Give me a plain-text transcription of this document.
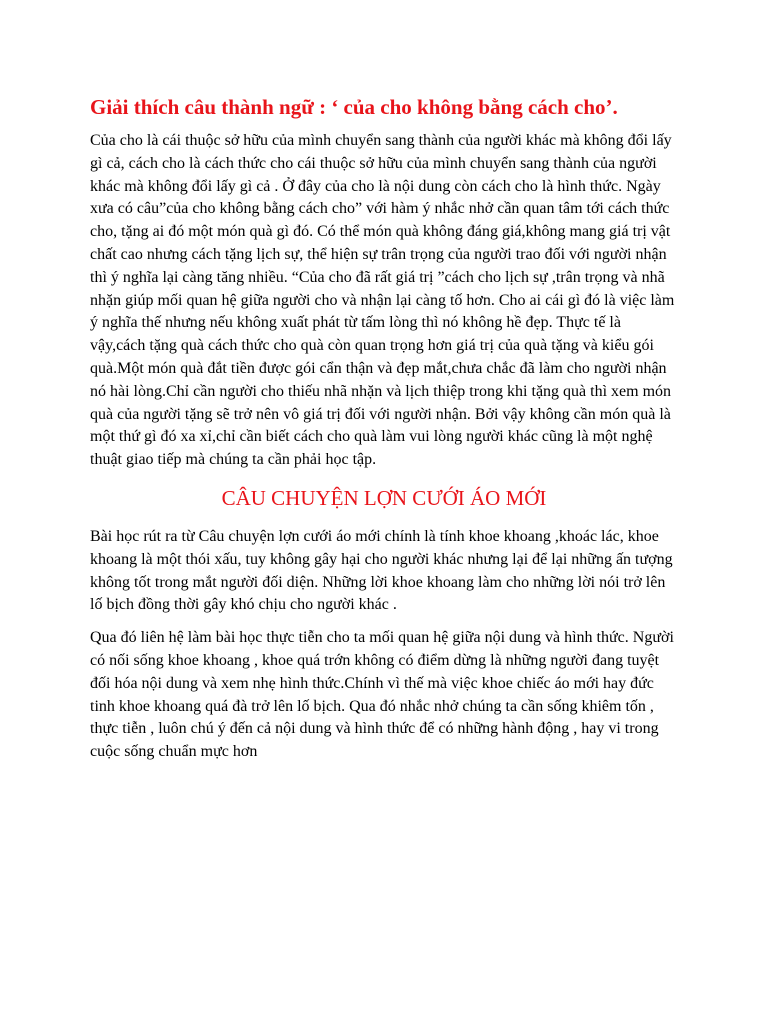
Giải thích câu thành ngữ : ‘ của cho không bằng cách cho’.

Của cho là cái thuộc sở hữu của mình chuyển sang thành của người khác mà không đổi lấy gì cả, cách cho là cách thức cho cái thuộc sở hữu của mình chuyển sang thành của người khác mà không đổi lấy gì cả . Ở đây của cho là nội dung còn cách cho là hình thức. Ngày xưa có câu”của cho không bằng cách cho” với hàm ý nhắc nhở cần quan tâm tới cách thức cho, tặng ai đó một món quà gì đó. Có thể món quà không đáng giá,không mang giá trị vật chất cao nhưng cách tặng lịch sự, thể hiện sự trân trọng của người trao đối với người nhận thì ý nghĩa lại càng tăng nhiều. “Của cho đã rất giá trị ”cách cho lịch sự ,trân trọng và nhã nhặn giúp mối quan hệ giữa người cho và nhận lại càng tố hơn. Cho ai cái gì đó là việc làm ý nghĩa thế nhưng nếu không xuất phát từ tấm lòng thì nó không hề đẹp. Thực tế là vậy,cách tặng quà cách thức cho quà còn quan trọng hơn giá trị của quà tặng và kiểu gói quà.Một món quà đắt tiền được gói cẩn thận và đẹp mắt,chưa chắc đã làm cho người nhận nó hài lòng.Chỉ cần người cho thiếu nhã nhặn và lịch thiệp trong khi tặng quà thì xem món quà của người tặng sẽ trở nên vô giá trị đối với người nhận. Bởi vậy không cần món quà là một thứ gì đó xa xỉ,chỉ cần biết cách cho quà làm vui lòng người khác cũng là một nghệ thuật giao tiếp mà chúng ta cần phải học tập.

CÂU CHUYỆN LỢN CƯỚI ÁO MỚI

Bài học rút ra từ Câu chuyện lợn cưới áo mới chính là tính khoe khoang ,khoác lác, khoe khoang là một thói xấu, tuy không gây hại cho người khác nhưng lại để lại những ấn tượng không tốt trong mắt người đối diện. Những lời khoe khoang làm cho những lời nói trở lên lố bịch đồng thời gây khó chịu cho người khác .

Qua đó liên hệ làm bài học thực tiễn cho ta mối quan hệ giữa nội dung và hình thức. Người có nối sống khoe khoang , khoe quá trớn không có điểm dừng là những người đang tuyệt đối hóa nội dung và xem nhẹ hình thức.Chính vì thế mà việc khoe chiếc áo mới hay đức tinh khoe khoang quá đà trở lên lố bịch. Qua đó nhắc nhở chúng ta cần sống khiêm tốn , thực tiễn , luôn chú ý đến cả nội dung và hình thức để có những hành động , hay vi trong cuộc sống chuẩn mực hơn
